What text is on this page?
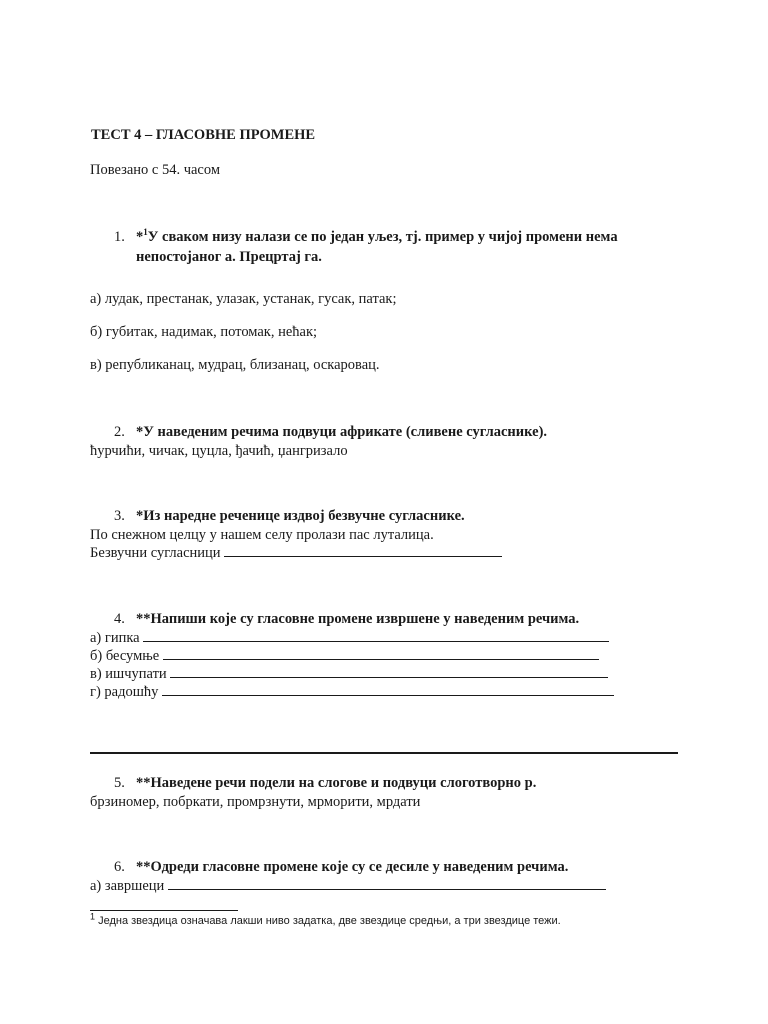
ТЕСТ 4 – ГЛАСОВНЕ ПРОМЕНЕ
Повезано с 54. часом
1. *$^1$У сваком низу налази се по један уљез, тј. пример у чијој промени нема
непостојаног а. Прецртај га.
а) лудак, престанак, улазак, устанак, гусак, патак;
б) губитак, надимак, потомак, нећак;
в) републиканац, мудрац, близанац, оскаровац.
2. *У наведеним речима подвуци африкате (сливене сугласнике).
ћурчићи, чичак, цуцла, ђачић, џангризало
3. *Из наредне реченице издвој безвучне сугласнике.
По снежном целцу у нашем селу пролази пас луталица.
Безвучни сугласници
4. **Напиши које су гласовне промене извршене у наведеним речима.
а) гипка
б) бесумње
в) ишчупати
г) радошћу
5. **Наведене речи подели на слогове и подвуци слоготворно р.
брзиномер, побркати, промрзнути, мрморити, мрдати
6. **Одреди гласовне промене које су се десиле у наведеним речима.
а) завршеци
$^1$ Једна звездица означава лакши ниво задатка, две звездице средњи, а три звездице тежи.
